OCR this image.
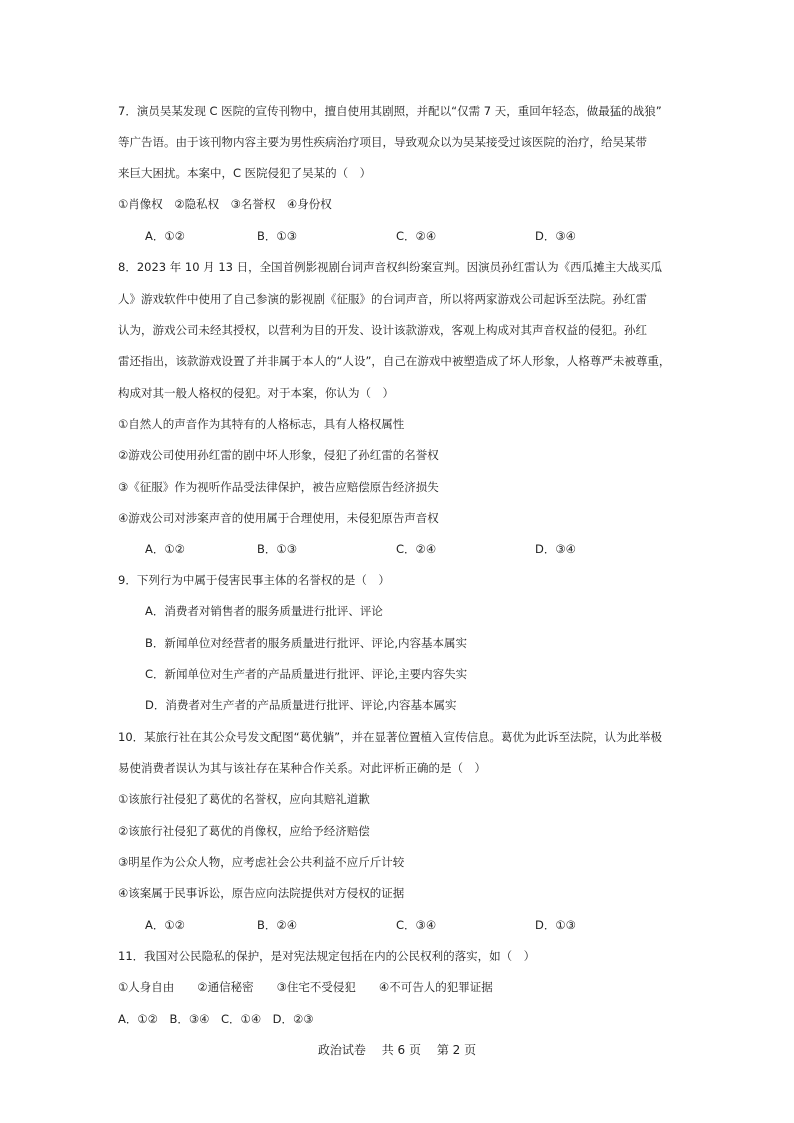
7．演员吴某发现 C 医院的宣传刊物中，擅自使用其剧照，并配以“仅需 7 天，重回年轻态，做最猛的战狼”
等广告语。由于该刊物内容主要为男性疾病治疗项目，导致观众以为吴某接受过该医院的治疗，给吴某带
来巨大困扰。本案中，C 医院侵犯了吴某的（　）
①肖像权　②隐私权　③名誉权　④身份权
A．①②	B．①③	C．②④	D．③④
8．2023 年 10 月 13 日，全国首例影视剧台词声音权纠纷案宣判。因演员孙红雷认为《西瓜摊主大战买瓜
人》游戏软件中使用了自己参演的影视剧《征服》的台词声音，所以将两家游戏公司起诉至法院。孙红雷
认为，游戏公司未经其授权，以营利为目的开发、设计该款游戏，客观上构成对其声音权益的侵犯。孙红
雷还指出，该款游戏设置了并非属于本人的“人设”，自己在游戏中被塑造成了坏人形象，人格尊严未被尊重，
构成对其一般人格权的侵犯。对于本案，你认为（　）
①自然人的声音作为其特有的人格标志，具有人格权属性
②游戏公司使用孙红雷的剧中坏人形象，侵犯了孙红雷的名誉权
③《征服》作为视听作品受法律保护，被告应赔偿原告经济损失
④游戏公司对涉案声音的使用属于合理使用，未侵犯原告声音权
A．①②	B．①③	C．②④	D．③④
9．下列行为中属于侵害民事主体的名誉权的是（　）
A．消费者对销售者的服务质量进行批评、评论
B．新闻单位对经营者的服务质量进行批评、评论,内容基本属实
C．新闻单位对生产者的产品质量进行批评、评论,主要内容失实
D．消费者对生产者的产品质量进行批评、评论,内容基本属实
10．某旅行社在其公众号发文配图“葛优躺”，并在显著位置植入宣传信息。葛优为此诉至法院，认为此举极
易使消费者误认为其与该社存在某种合作关系。对此评析正确的是（　）
①该旅行社侵犯了葛优的名誉权，应向其赔礼道歉
②该旅行社侵犯了葛优的肖像权，应给予经济赔偿
③明星作为公众人物，应考虑社会公共利益不应斤斤计较
④该案属于民事诉讼，原告应向法院提供对方侵权的证据
A．①②	B．②④	C．③④	D．①③
11．我国对公民隐私的保护，是对宪法规定包括在内的公民权利的落实，如（　）
①人身自由　　②通信秘密　　③住宅不受侵犯　　④不可告人的犯罪证据
A．①②　B．③④　C．①④　D．②③
政治试卷 共 6 页 第 2 页
